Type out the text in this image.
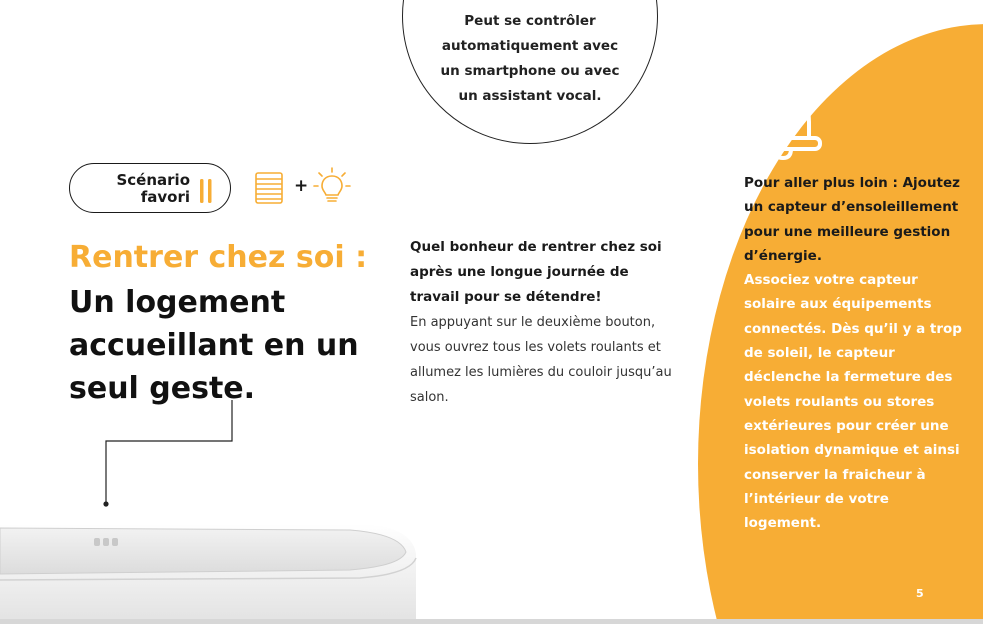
Peut se contrôler automatiquement avec un smartphone ou avec un assistant vocal.

Pour aller plus loin : Ajoutez un capteur d’ensoleillement pour une meilleure gestion d’énergie.

Associez votre capteur solaire aux équipements connectés. Dès qu’il y a trop de soleil, le capteur déclenche la fermeture des volets roulants ou stores extérieures pour créer une isolation dynamique et ainsi conserver la fraicheur à l’intérieur de votre logement.

5
Scénario favori
+
Rentrer chez soi :
Un logement accueillant en un seul geste.

Quel bonheur de rentrer chez soi après une longue journée de travail pour se détendre!

En appuyant sur le deuxième bouton, vous ouvrez tous les volets roulants et allumez les lumières du couloir jusqu’au salon.
